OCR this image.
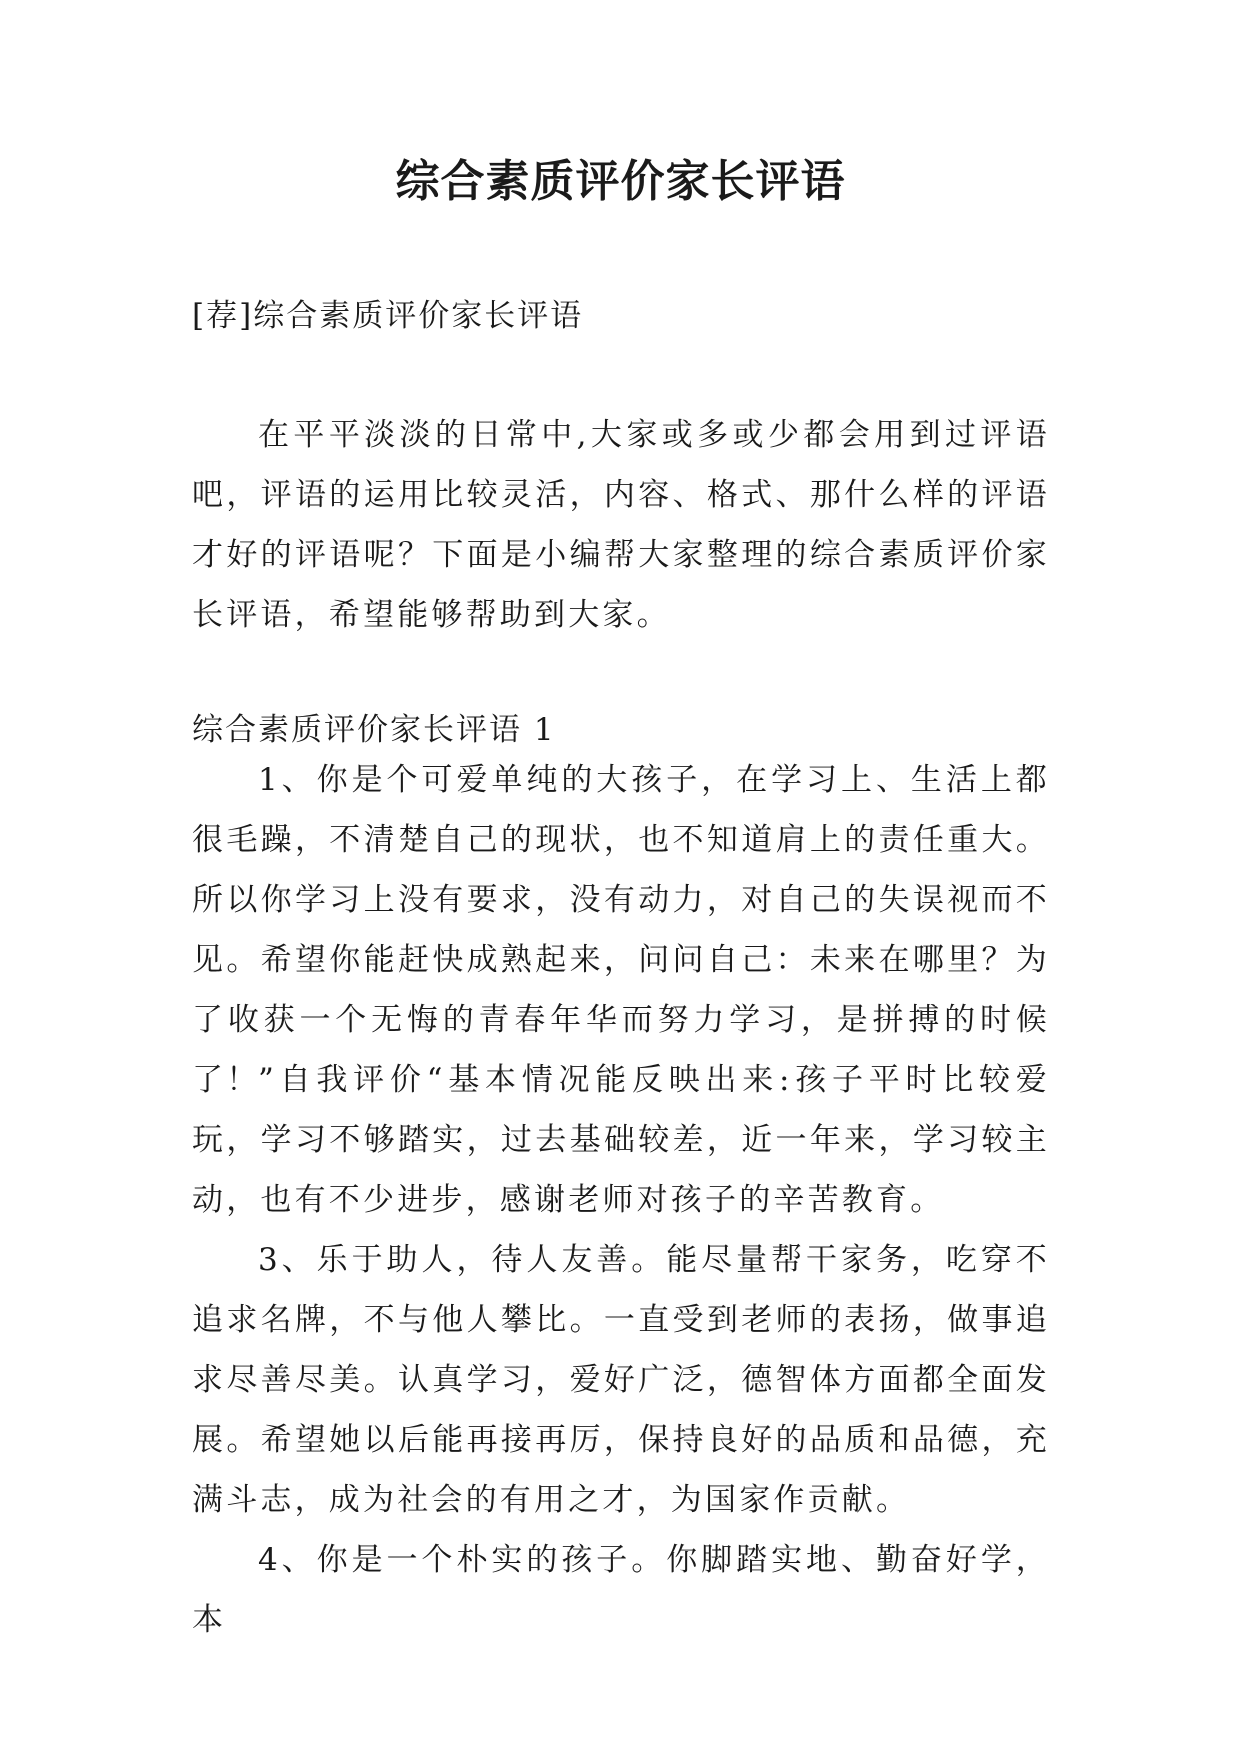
综合素质评价家长评语

[荐]综合素质评价家长评语

在平平淡淡的日常中,大家或多或少都会用到过评语吧，评语的运用比较灵活，内容、格式、那什么样的评语才好的评语呢？下面是小编帮大家整理的综合素质评价家长评语，希望能够帮助到大家。

综合素质评价家长评语 1

1、你是个可爱单纯的大孩子，在学习上、生活上都很毛躁，不清楚自己的现状，也不知道肩上的责任重大。所以你学习上没有要求，没有动力，对自己的失误视而不见。希望你能赶快成熟起来，问问自己：未来在哪里？为了收获一个无悔的青春年华而努力学习，是拼搏的时候了！

”自我评价“基本情况能反映出来:孩子平时比较爱玩，学习不够踏实，过去基础较差，近一年来，学习较主动，也有不少进步，感谢老师对孩子的辛苦教育。

3、乐于助人，待人友善。能尽量帮干家务，吃穿不追求名牌，不与他人攀比。一直受到老师的表扬，做事追求尽善尽美。认真学习，爱好广泛，德智体方面都全面发展。希望她以后能再接再厉，保持良好的品质和品德，充满斗志，成为社会的有用之才，为国家作贡献。

4、你是一个朴实的孩子。你脚踏实地、勤奋好学，本
